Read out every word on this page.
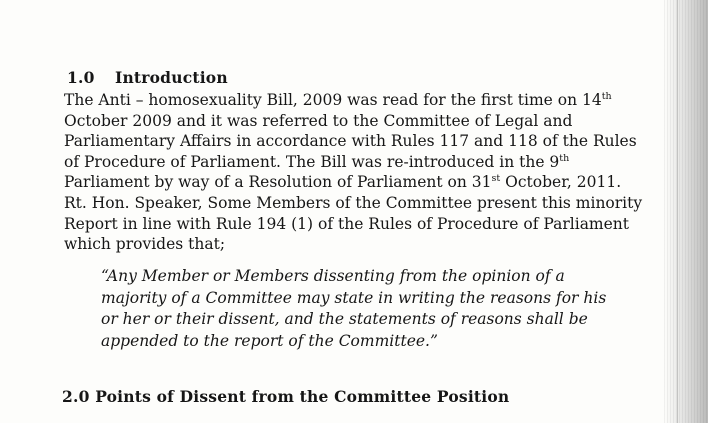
1.0 Introduction
The Anti – homosexuality Bill, 2009 was read for the first time on 14th
October 2009 and it was referred to the Committee of Legal and
Parliamentary Affairs in accordance with Rules 117 and 118 of the Rules
of Procedure of Parliament. The Bill was re-introduced in the 9th
Parliament by way of a Resolution of Parliament on 31st October, 2011.
Rt. Hon. Speaker, Some Members of the Committee present this minority
Report in line with Rule 194 (1) of the Rules of Procedure of Parliament
which provides that;
“Any Member or Members dissenting from the opinion of a
majority of a Committee may state in writing the reasons for his
or her or their dissent, and the statements of reasons shall be
appended to the report of the Committee.”
2.0 Points of Dissent from the Committee Position
